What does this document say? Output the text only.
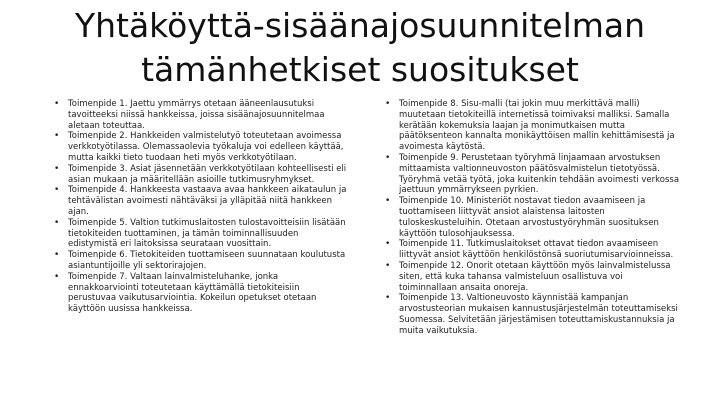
Yhtäköyttä-sisäänajosuunnitelman
tämänhetkiset suositukset
• Toimenpide 1. Jaettu ymmärrys otetaan ääneenlausutuksi tavoitteeksi niissä hankkeissa, joissa sisäänajosuunnitelmaa aletaan toteuttaa.
• Toimenpide 2. Hankkeiden valmistelutyö toteutetaan avoimessa verkkotyötilassa. Olemassaolevia työkaluja voi edelleen käyttää, mutta kaikki tieto tuodaan heti myös verkkotyötilaan.
• Toimenpide 3. Asiat jäsennetään verkkotyötilaan kohteellisesti eli asian mukaan ja määritellään asioille tutkimusryhmykset.
• Toimenpide 4. Hankkeesta vastaava avaa hankkeen aikataulun ja tehtävälistan avoimesti nähtäväksi ja ylläpitää niitä hankkeen ajan.
• Toimenpide 5. Valtion tutkimuslaitosten tulostavoitteisiin lisätään tietokiteiden tuottaminen, ja tämän toiminnallisuuden edistymistä eri laitoksissa seurataan vuosittain.
• Toimenpide 6. Tietokiteiden tuottamiseen suunnataan koulutusta asiantuntijoille yli sektorirajojen.
• Toimenpide 7. Valtaan lainvalmisteluhanke, jonka ennakkoarviointi toteutetaan käyttämällä tietokiteisiin perustuvaa vaikutusarviointia. Kokeilun opetukset otetaan käyttöön uusissa hankkeissa.
• Toimenpide 8. Sisu-malli (tai jokin muu merkittävä malli) muutetaan tietokiteillä internetissä toimivaksi malliksi. Samalla kerätään kokemuksia laajan ja monimutkaisen mutta päätöksenteon kannalta monikäyttöisen mallin kehittämisestä ja avoimesta käytöstä.
• Toimenpide 9. Perustetaan työryhmä linjaamaan arvostuksen mittaamista valtionneuvoston päätösvalmistelun tietotyössä. Työryhmä vetää työtä, joka kuitenkin tehdään avoimesti verkossa jaettuun ymmärrykseen pyrkien.
• Toimenpide 10. Ministeriöt nostavat tiedon avaamiseen ja tuottamiseen liittyvät ansiot alaistensa laitosten tuloskeskusteluihin. Otetaan arvostustyöryhmän suosituksen käyttöön tulosohjauksessa.
• Toimenpide 11. Tutkimuslaitokset ottavat tiedon avaamiseen liittyvät ansiot käyttöön henkilöstönsä suoriutumisarvioinneissa.
• Toimenpide 12. Onorit otetaan käyttöön myös lainvalmistelussa siten, että kuka tahansa valmisteluun osallistuva voi toiminnallaan ansaita onoreja.
• Toimenpide 13. Valtioneuvosto käynnistää kampanjan arvostusteorian mukaisen kannustusjärjestelmän toteuttamiseksi Suomessa. Selvitetään järjestämisen toteuttamiskustannuksia ja muita vaikutuksia.
